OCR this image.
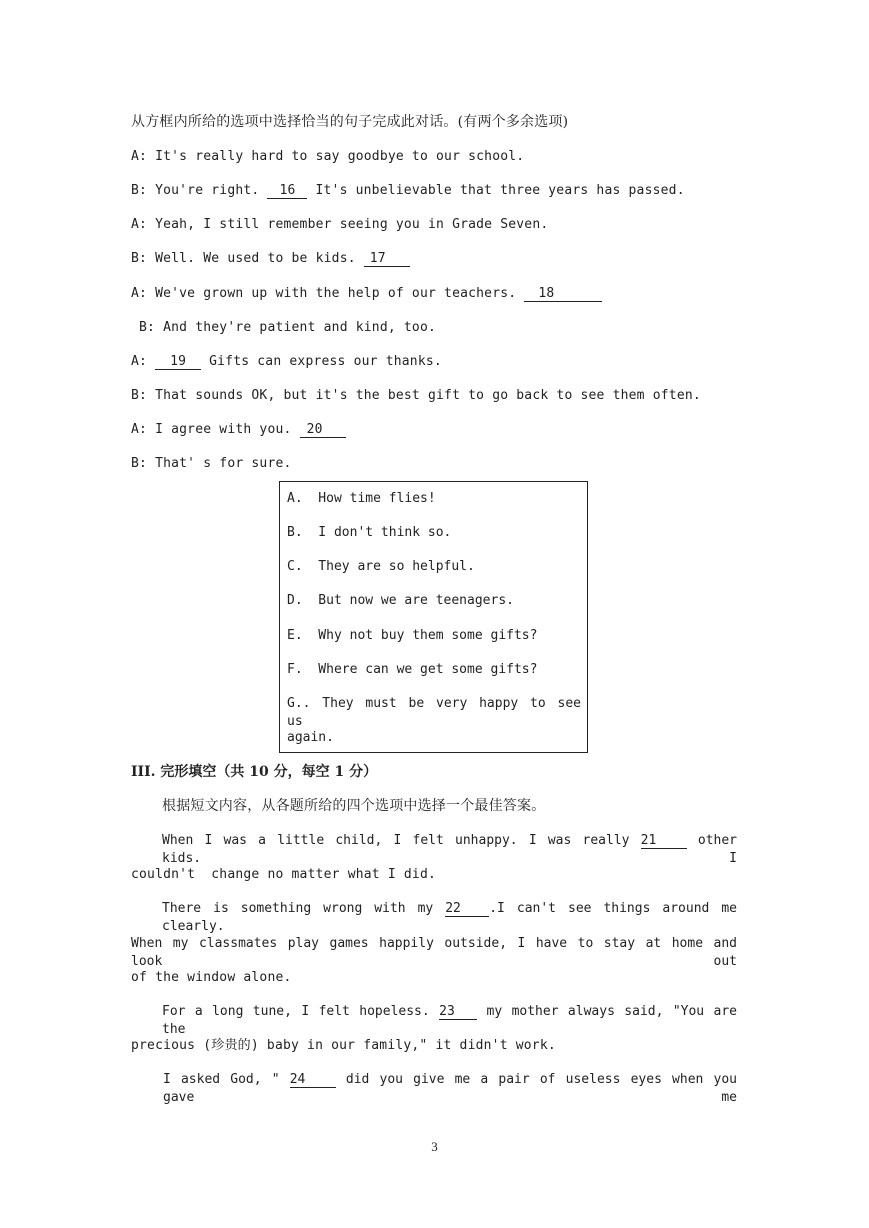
从方框内所给的选项中选择恰当的句子完成此对话。(有两个多余选项)
A: It's really hard to say goodbye to our school.
B: You're right. 16 It's unbelievable that three years has passed.
A: Yeah, I still remember seeing you in Grade Seven.
B: Well. We used to be kids. 17
A: We've grown up with the help of our teachers. 18
B: And they're patient and kind, too.
A: 19 Gifts can express our thanks.
B: That sounds OK, but it's the best gift to go back to see them often.
A: I agree with you. 20
B: That' s for sure.
A.  How time flies!
B.  I don't think so.
C.  They are so helpful.
D.  But now we are teenagers.
E.  Why not buy them some gifts?
F.  Where can we get some gifts?
G.. They must be very happy to see us
again.
III. 完形填空（共 10 分，每空 1 分）
根据短文内容，从各题所给的四个选项中选择一个最佳答案。
When I was a little child, I felt unhappy. I was really 21 other kids. I
couldn't  change no matter what I did.
There is something wrong with my 22 .I can't see things around me clearly.
When my classmates play games happily outside, I have to stay at home and look out
of the window alone.
For a long tune, I felt hopeless. 23 my mother always said, "You are the
precious (珍贵的) baby in our family," it didn't work.
I asked God, " 24 did you give me a pair of useless eyes when you gave me
3
